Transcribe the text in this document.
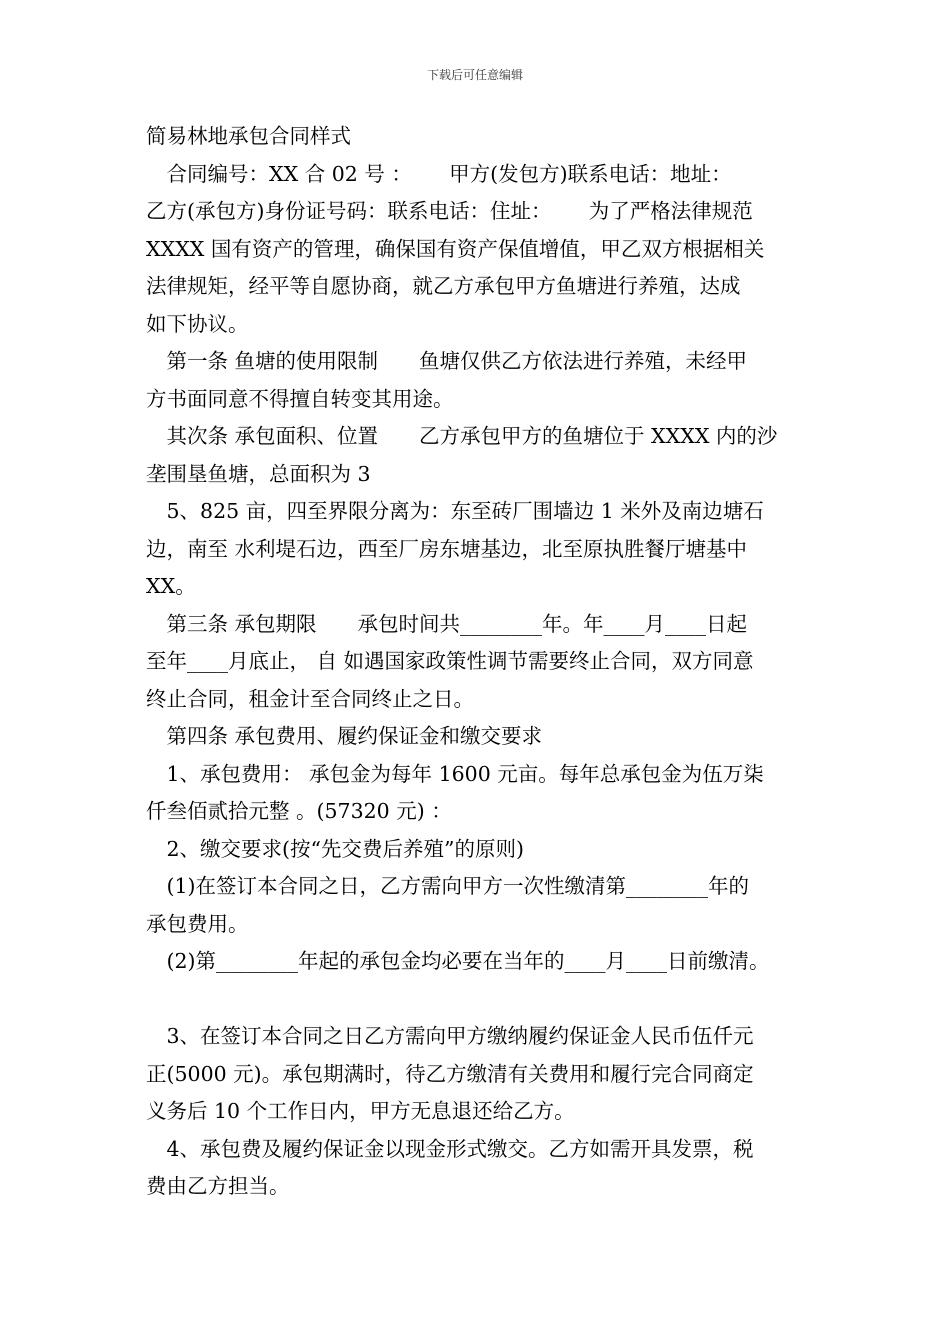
下载后可任意编辑
简易林地承包合同样式
　合同编号：XX 合 02 号 ：　　 甲方(发包方)联系电话：地址：
乙方(承包方)身份证号码：联系电话：住址：　　 为了严格法律规范
XXXX 国有资产的管理，确保国有资产保值增值，甲乙双方根据相关
法律规矩，经平等自愿协商，就乙方承包甲方鱼塘进行养殖，达成
如下协议。
　第一条 鱼塘的使用限制　　鱼塘仅供乙方依法进行养殖，未经甲
方书面同意不得擅自转变其用途。
　其次条 承包面积、位置　　乙方承包甲方的鱼塘位于 XXXX 内的沙
垄围垦鱼塘，总面积为 3
　5、825 亩，四至界限分离为：东至砖厂围墙边 1 米外及南边塘石
边，南至 水利堤石边，西至厂房东塘基边，北至原执胜餐厅塘基中
XX。
　第三条 承包期限　　承包时间共________年。年____月____日起
至年____月底止， 自 如遇国家政策性调节需要终止合同，双方同意
终止合同，租金计至合同终止之日。
　第四条 承包费用、履约保证金和缴交要求
　1、承包费用： 承包金为每年 1600 元亩。每年总承包金为伍万柒
仟叁佰贰拾元整 。(57320 元) ：
　2、缴交要求(按“先交费后养殖”的原则)
　(1)在签订本合同之日，乙方需向甲方一次性缴清第________年的
承包费用。
　(2)第________年起的承包金均必要在当年的____月____日前缴清。
　3、在签订本合同之日乙方需向甲方缴纳履约保证金人民币伍仟元
正(5000 元)。承包期满时，待乙方缴清有关费用和履行完合同商定
义务后 10 个工作日内，甲方无息退还给乙方。
　4、承包费及履约保证金以现金形式缴交。乙方如需开具发票，税
费由乙方担当。
